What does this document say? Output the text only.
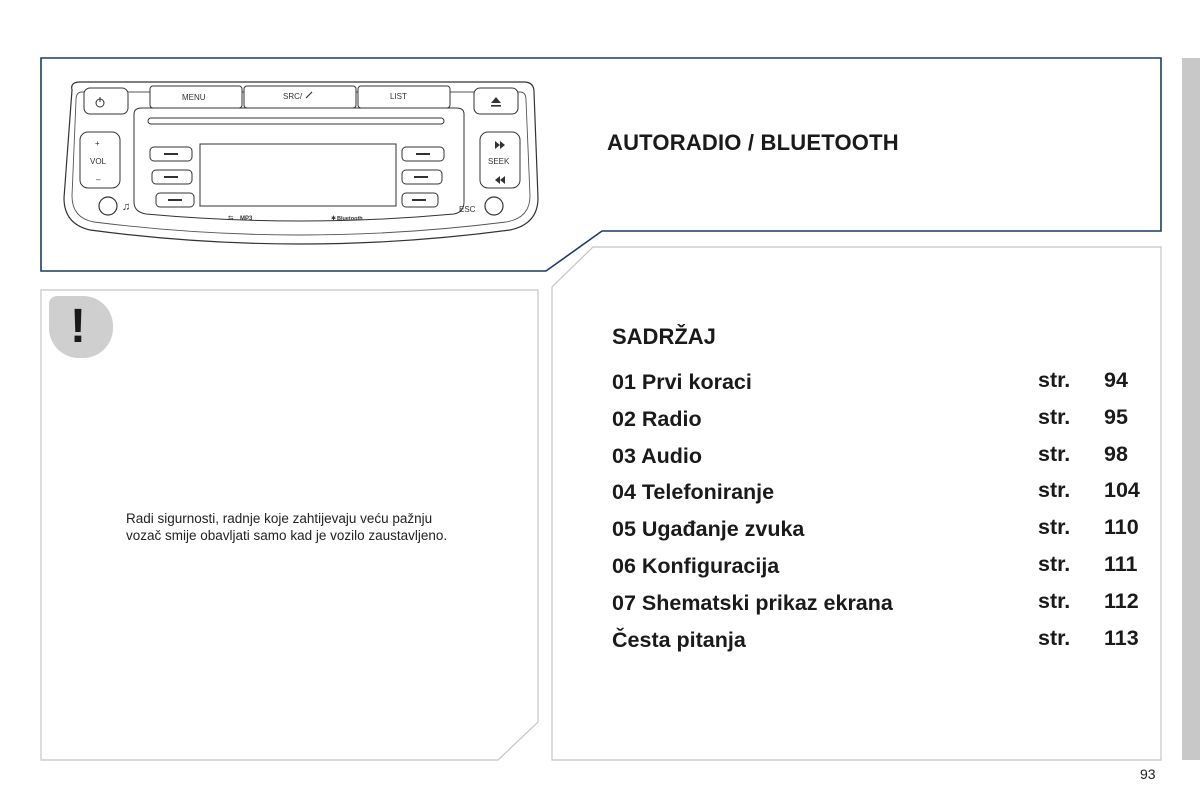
MENU	SRC/	LIST
+
VOL
–
SEEK
♫	ESC
⇆ MP3	✱ Bluetooth
AUTORADIO / BLUETOOTH
!
Radi sigurnosti, radnje koje zahtijevaju veću pažnju
vozač smije obavljati samo kad je vozilo zaustavljeno.
SADRŽAJ
01 Prvi koraci	str. 94
02 Radio	str. 95
03 Audio	str. 98
04 Telefoniranje	str. 104
05 Ugađanje zvuka	str. 110
06 Konfiguracija	str. 111
07 Shematski prikaz ekrana	str. 112
Česta pitanja	str. 113
93
